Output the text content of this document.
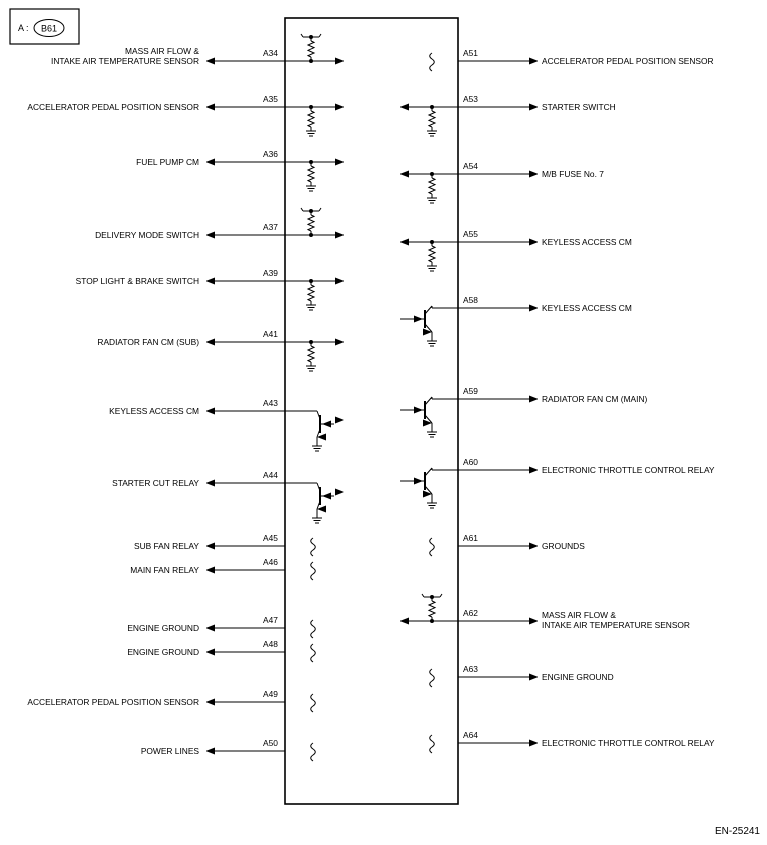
A : B61
EN-25241
A34
MASS AIR FLOW &
INTAKE AIR TEMPERATURE SENSOR
A35
ACCELERATOR PEDAL POSITION SENSOR
A36
FUEL PUMP CM
A37
DELIVERY MODE SWITCH
A39
STOP LIGHT & BRAKE SWITCH
A41
RADIATOR FAN CM (SUB)
A43
KEYLESS ACCESS CM
A44
STARTER CUT RELAY
A45
SUB FAN RELAY
A46
MAIN FAN RELAY
A47
ENGINE GROUND
A48
ENGINE GROUND
A49
ACCELERATOR PEDAL POSITION SENSOR
A50
POWER LINES
A51
ACCELERATOR PEDAL POSITION SENSOR
A53
STARTER SWITCH
A54
M/B FUSE No. 7
A55
KEYLESS ACCESS CM
A58
KEYLESS ACCESS CM
A59
RADIATOR FAN CM (MAIN)
A60
ELECTRONIC THROTTLE CONTROL RELAY
A61
GROUNDS
A62	MASS AIR FLOW &
INTAKE AIR TEMPERATURE SENSOR
A63
ENGINE GROUND
A64
ELECTRONIC THROTTLE CONTROL RELAY
